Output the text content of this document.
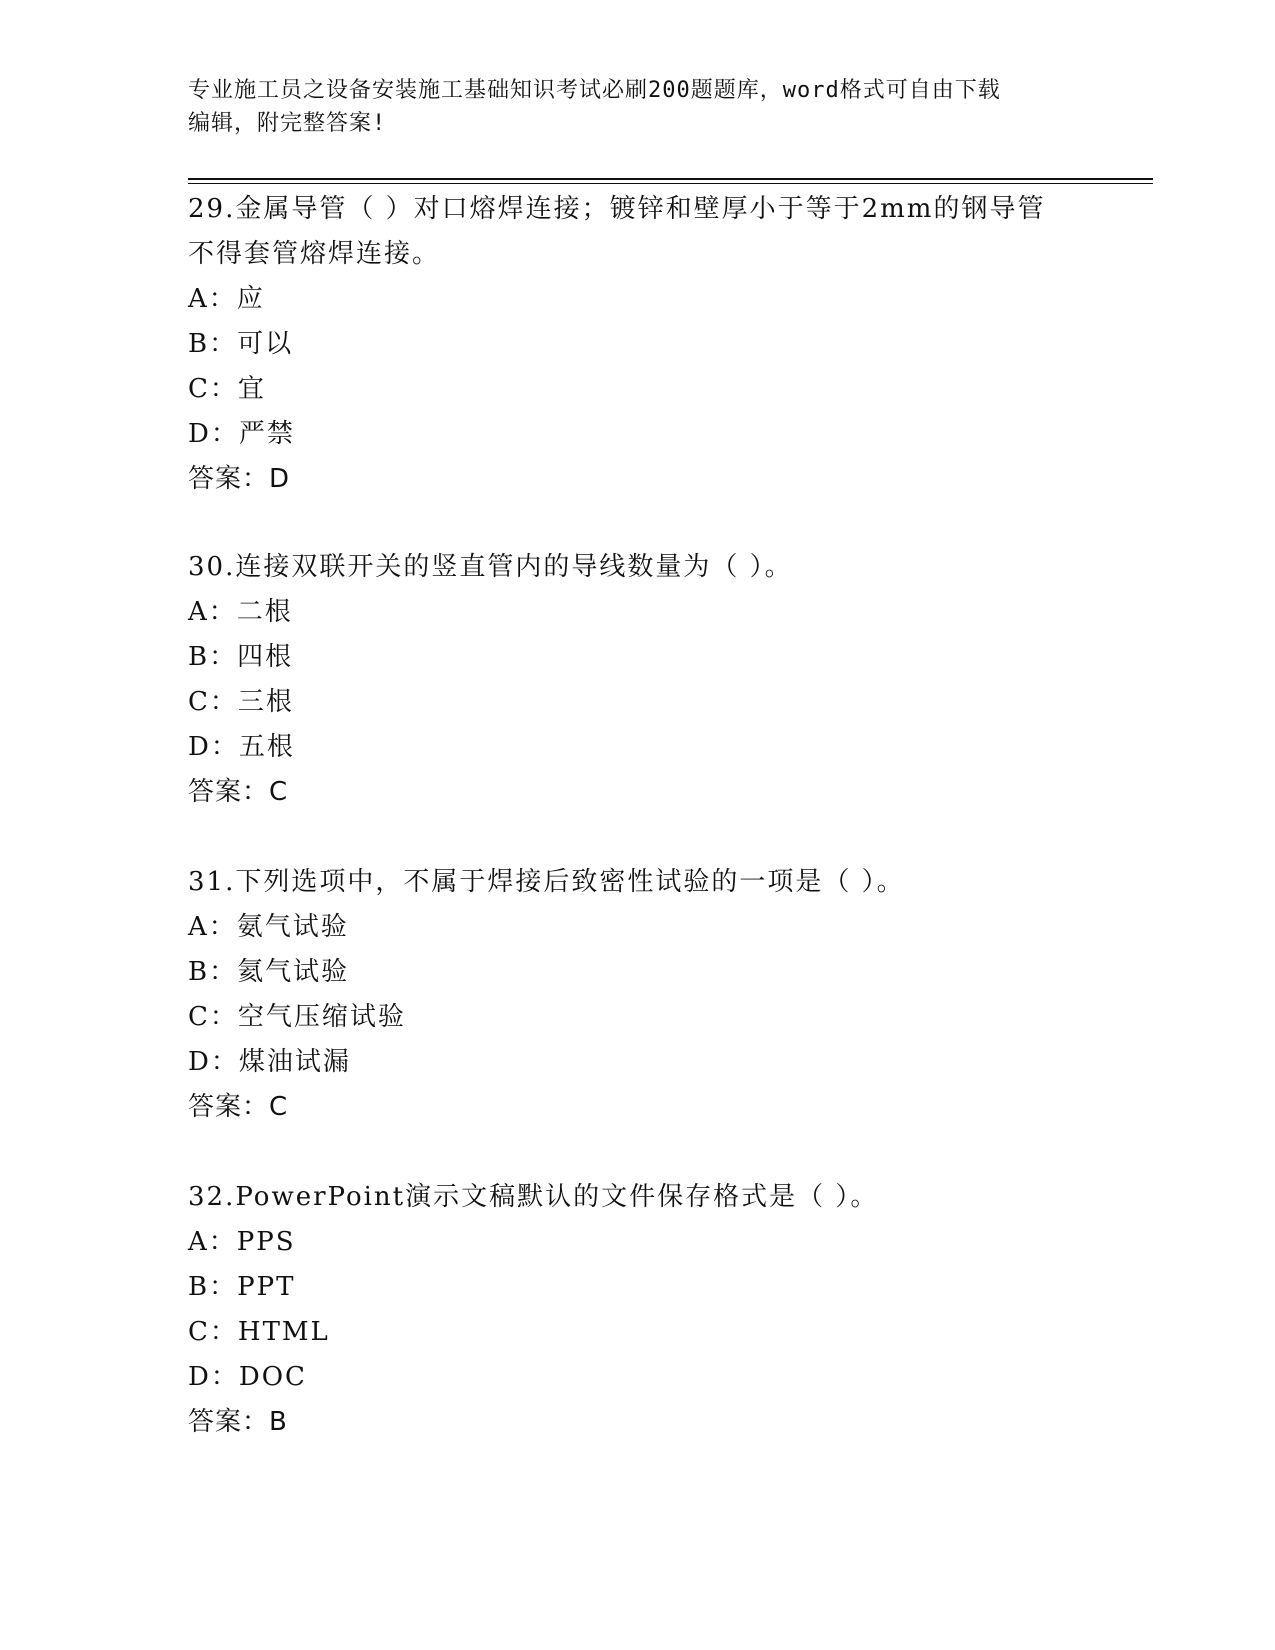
专业施工员之设备安装施工基础知识考试必刷200题题库，word格式可自由下载
编辑，附完整答案!
29.金属导管（ ）对口熔焊连接；镀锌和壁厚小于等于2mm的钢导管
不得套管熔焊连接。
A：应
B：可以
C：宜
D：严禁
答案：D
30.连接双联开关的竖直管内的导线数量为（ ）。
A：二根
B：四根
C：三根
D：五根
答案：C
31.下列选项中，不属于焊接后致密性试验的一项是（ ）。
A：氨气试验
B：氦气试验
C：空气压缩试验
D：煤油试漏
答案：C
32.PowerPoint演示文稿默认的文件保存格式是（ ）。
A：PPS
B：PPT
C：HTML
D：DOC
答案：B
